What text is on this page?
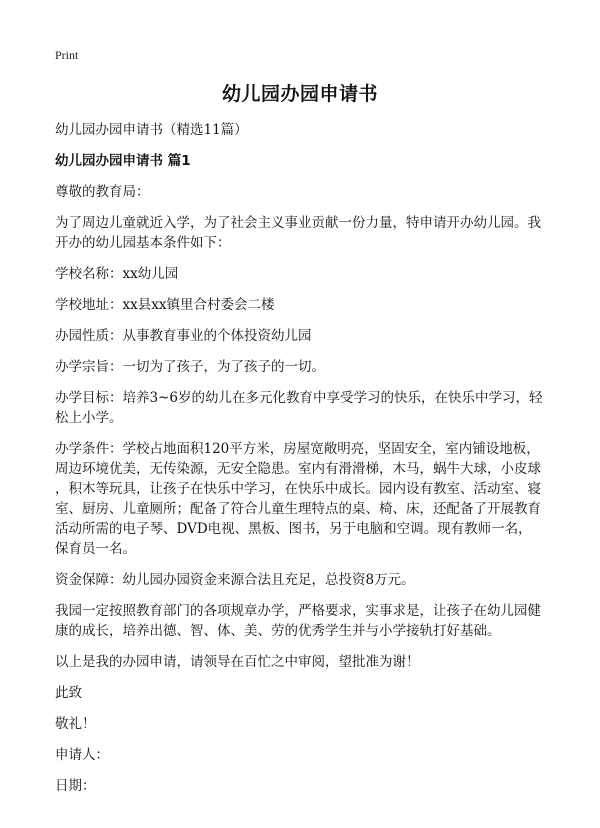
Print
幼儿园办园申请书
幼儿园办园申请书（精选11篇）
幼儿园办园申请书 篇1
尊敬的教育局：
为了周边儿童就近入学，为了社会主义事业贡献一份力量，特申请开办幼儿园。我
开办的幼儿园基本条件如下：
学校名称：xx幼儿园
学校地址：xx县xx镇里合村委会二楼
办园性质：从事教育事业的个体投资幼儿园
办学宗旨：一切为了孩子，为了孩子的一切。
办学目标：培养3~6岁的幼儿在多元化教育中享受学习的快乐，在快乐中学习，轻
松上小学。
办学条件：学校占地面积120平方米，房屋宽敞明亮，坚固安全，室内铺设地板，
周边环境优美，无传染源，无安全隐患。室内有滑滑梯，木马，蜗牛大球，小皮球
，积木等玩具，让孩子在快乐中学习，在快乐中成长。园内设有教室、活动室、寝
室、厨房、儿童厕所；配备了符合儿童生理特点的桌、椅、床，还配备了开展教育
活动所需的电子琴、DVD电视、黑板、图书，另于电脑和空调。现有教师一名，
保育员一名。
资金保障：幼儿园办园资金来源合法且充足，总投资8万元。
我园一定按照教育部门的各项规章办学，严格要求，实事求是，让孩子在幼儿园健
康的成长，培养出德、智、体、美、劳的优秀学生并与小学接轨打好基础。
以上是我的办园申请，请领导在百忙之中审阅，望批准为谢！
此致
敬礼！
申请人：
日期：
